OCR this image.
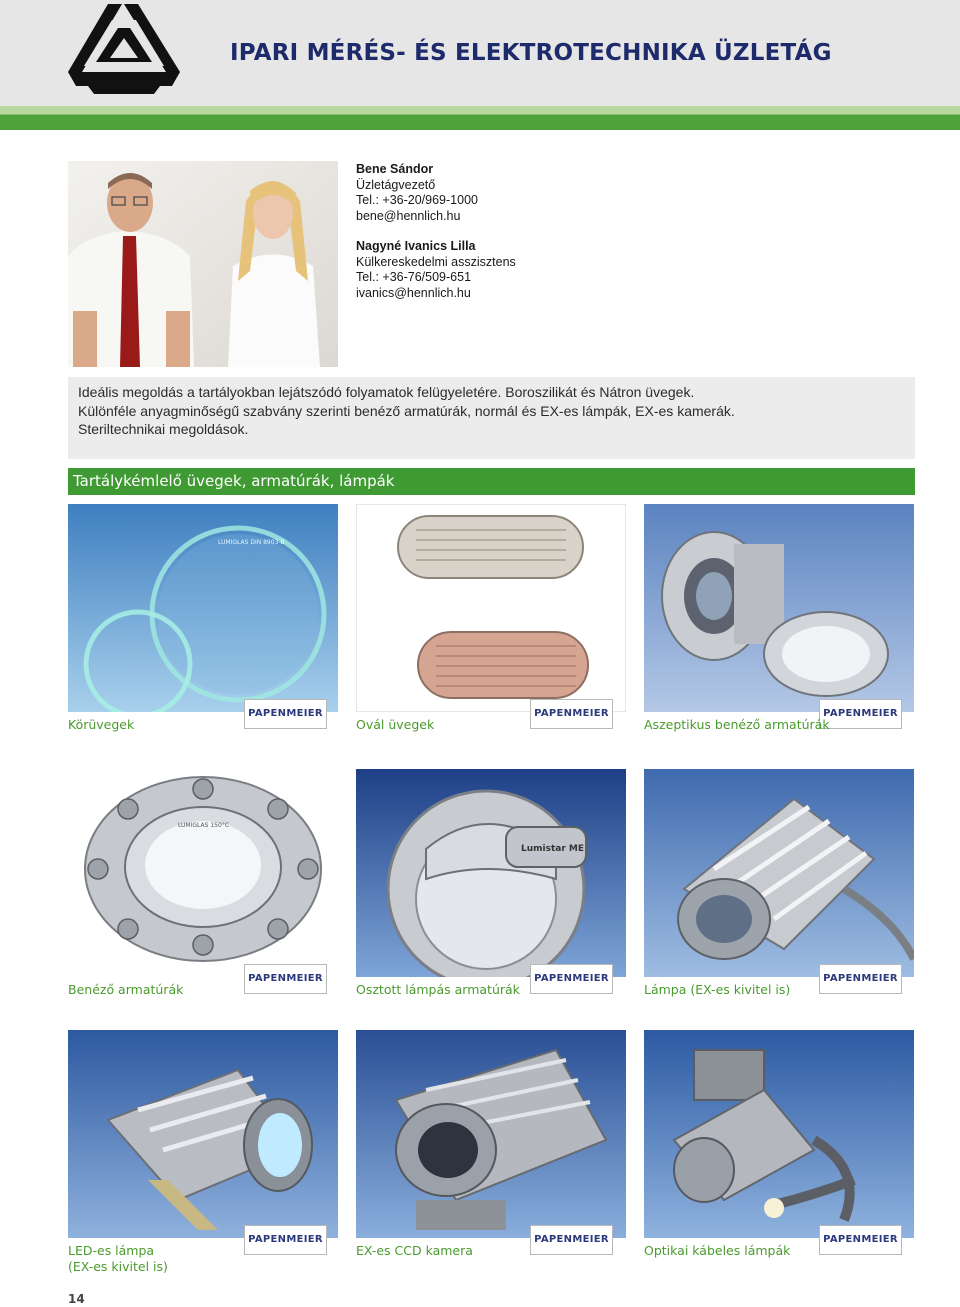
IPARI MÉRÉS- ÉS ELEKTROTECHNIKA ÜZLETÁG
Bene Sándor
Üzletágvezető
Tel.: +36-20/969-1000
bene@hennlich.hu
Nagyné Ivanics Lilla
Külkereskedelmi asszisztens
Tel.: +36-76/509-651
ivanics@hennlich.hu
Ideális megoldás a tartályokban lejátszódó folyamatok felügyeletére. Boroszilikát és Nátron üvegek.
Különféle anyagminőségű szabvány szerinti benéző armatúrák, normál és EX-es lámpák, EX-es kamerák.
Steriltechnikai megoldások.
Tartálykémlelő üvegek, armatúrák, lámpák
LUMIGLAS DIN 8903-B
PAPENMEIER
Körüvegek
PAPENMEIER
Ovál üvegek
PAPENMEIER
Aszeptikus benéző armatúrák
LUMIGLAS 150°C
PAPENMEIER
Benéző armatúrák
Lumistar ME
PAPENMEIER
Osztott lámpás armatúrák
PAPENMEIER
Lámpa (EX-es kivitel is)
PAPENMEIER
LED-es lámpa
(EX-es kivitel is)
PAPENMEIER
EX-es CCD kamera
PAPENMEIER
Optikai kábeles lámpák
14
